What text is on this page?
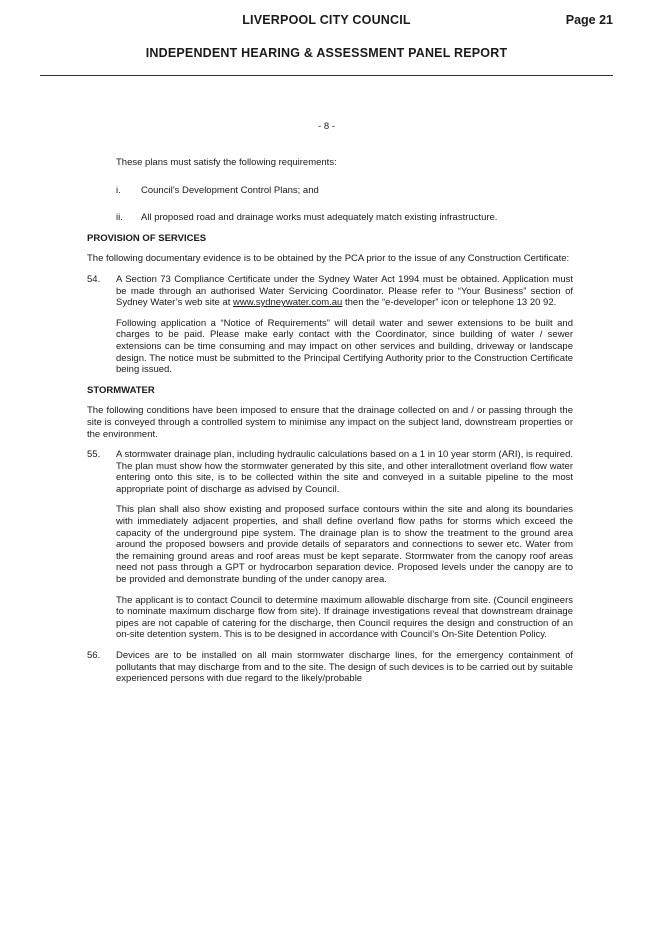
LIVERPOOL CITY COUNCIL	Page 21
INDEPENDENT HEARING & ASSESSMENT PANEL REPORT
- 8 -

These plans must satisfy the following requirements:

i. Council’s Development Control Plans; and
ii. All proposed road and drainage works must adequately match existing infrastructure.

PROVISION OF SERVICES

The following documentary evidence is to be obtained by the PCA prior to the issue of any Construction Certificate:

54. A Section 73 Compliance Certificate under the Sydney Water Act 1994 must be obtained. Application must be made through an authorised Water Servicing Coordinator. Please refer to “Your Business” section of Sydney Water’s web site at www.sydneywater.com.au then the “e-developer” icon or telephone 13 20 92.

Following application a “Notice of Requirements” will detail water and sewer extensions to be built and charges to be paid. Please make early contact with the Coordinator, since building of water / sewer extensions can be time consuming and may impact on other services and building, driveway or landscape design. The notice must be submitted to the Principal Certifying Authority prior to the Construction Certificate being issued.

STORMWATER

The following conditions have been imposed to ensure that the drainage collected on and / or passing through the site is conveyed through a controlled system to minimise any impact on the subject land, downstream properties or the environment.

55. A stormwater drainage plan, including hydraulic calculations based on a 1 in 10 year storm (ARI), is required. The plan must show how the stormwater generated by this site, and other interallotment overland flow water entering onto this site, is to be collected within the site and conveyed in a suitable pipeline to the most appropriate point of discharge as advised by Council.

This plan shall also show existing and proposed surface contours within the site and along its boundaries with immediately adjacent properties, and shall define overland flow paths for storms which exceed the capacity of the underground pipe system. The drainage plan is to show the treatment to the ground area around the proposed bowsers and provide details of separators and connections to sewer etc. Water from the remaining ground areas and roof areas must be kept separate. Stormwater from the canopy roof areas need not pass through a GPT or hydrocarbon separation device. Proposed levels under the canopy are to be provided and demonstrate bunding of the under canopy area.

The applicant is to contact Council to determine maximum allowable discharge from site. (Council engineers to nominate maximum discharge flow from site). If drainage investigations reveal that downstream drainage pipes are not capable of catering for the discharge, then Council requires the design and construction of an on-site detention system. This is to be designed in accordance with Council’s On-Site Detention Policy.

56. Devices are to be installed on all main stormwater discharge lines, for the emergency containment of pollutants that may discharge from and to the site. The design of such devices is to be carried out by suitable experienced persons with due regard to the likely/probable
